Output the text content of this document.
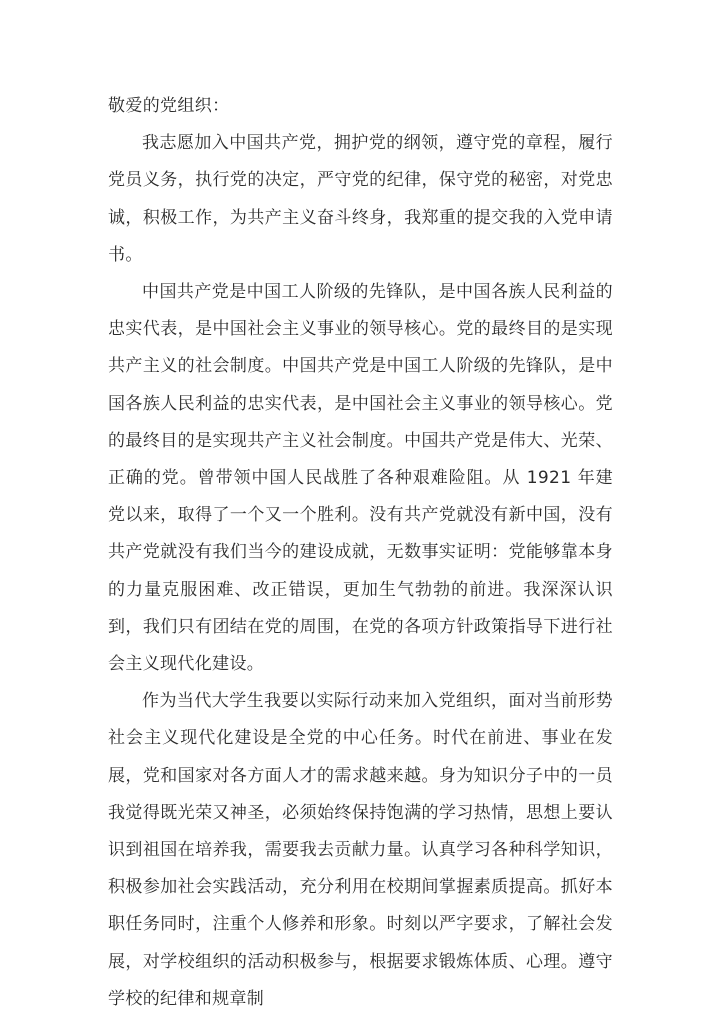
敬爱的党组织：

我志愿加入中国共产党，拥护党的纲领，遵守党的章程，履行党员义务，执行党的决定，严守党的纪律，保守党的秘密，对党忠诚，积极工作，为共产主义奋斗终身，我郑重的提交我的入党申请书。

中国共产党是中国工人阶级的先锋队，是中国各族人民利益的忠实代表，是中国社会主义事业的领导核心。党的最终目的是实现共产主义的社会制度。中国共产党是中国工人阶级的先锋队，是中国各族人民利益的忠实代表，是中国社会主义事业的领导核心。党的最终目的是实现共产主义社会制度。中国共产党是伟大、光荣、正确的党。曾带领中国人民战胜了各种艰难险阻。从 1921 年建党以来，取得了一个又一个胜利。没有共产党就没有新中国，没有共产党就没有我们当今的建设成就，无数事实证明：党能够靠本身的力量克服困难、改正错误，更加生气勃勃的前进。我深深认识到，我们只有团结在党的周围，在党的各项方针政策指导下进行社会主义现代化建设。

作为当代大学生我要以实际行动来加入党组织，面对当前形势社会主义现代化建设是全党的中心任务。时代在前进、事业在发展，党和国家对各方面人才的需求越来越。身为知识分子中的一员我觉得既光荣又神圣，必须始终保持饱满的学习热情，思想上要认识到祖国在培养我，需要我去贡献力量。认真学习各种科学知识，积极参加社会实践活动，充分利用在校期间掌握素质提高。抓好本职任务同时，注重个人修养和形象。时刻以严字要求，了解社会发展，对学校组织的活动积极参与，根据要求锻炼体质、心理。遵守学校的纪律和规章制
